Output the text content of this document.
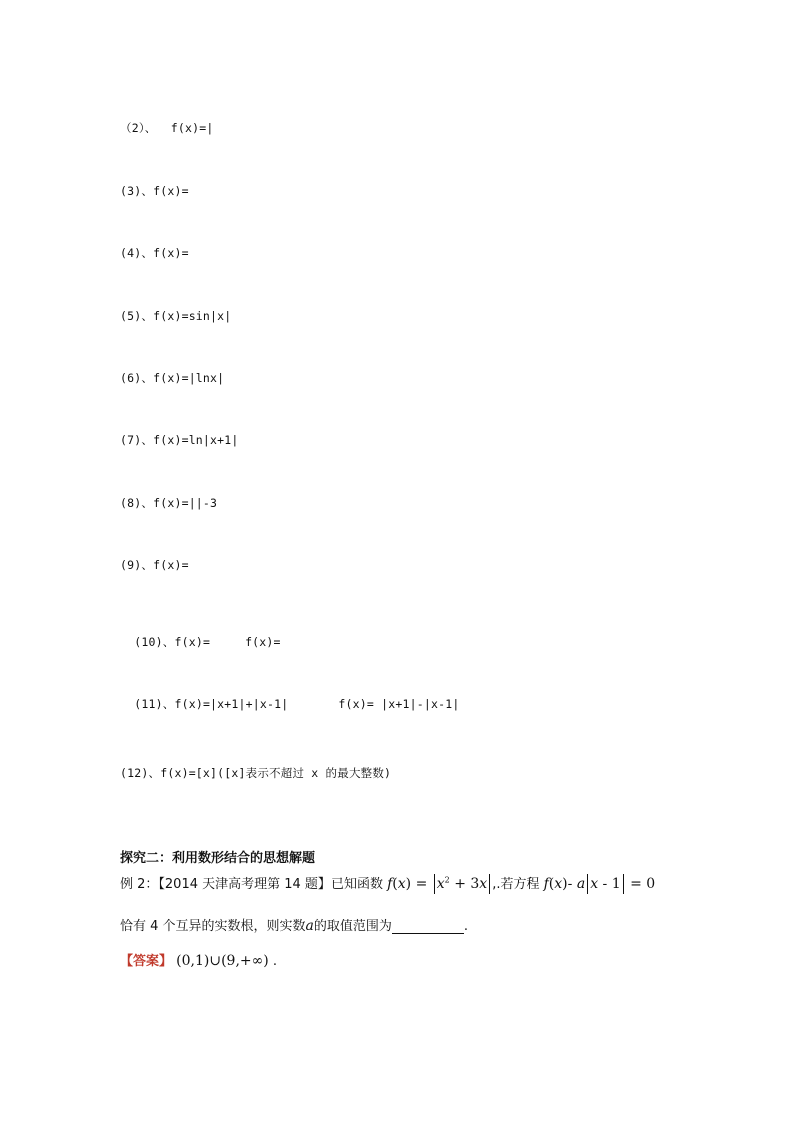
（2）、  f(x)=|
(3)、f(x)=
(4)、f(x)=
(5)、f(x)=sin|x|
(6)、f(x)=|lnx|
(7)、f(x)=ln|x+1|
(8)、f(x)=||-3
(9)、f(x)=

(10)、f(x)=	f(x)=

(11)、f(x)=|x+1|+|x-1|	f(x)= |x+1|-|x-1|

(12)、f(x)=[x]([x]表示不超过 x 的最大整数)
探究二：利用数形结合的思想解题
例 2：【2014 天津高考理第 14 题】已知函数 $f(x) = x^2 + 3x$ ,.若方程 f(x)- a x - 1 = 0
恰有 4 个互异的实数根，则实数a的取值范围为	.
【答案】 (0,1)∪(9,+∞) .
